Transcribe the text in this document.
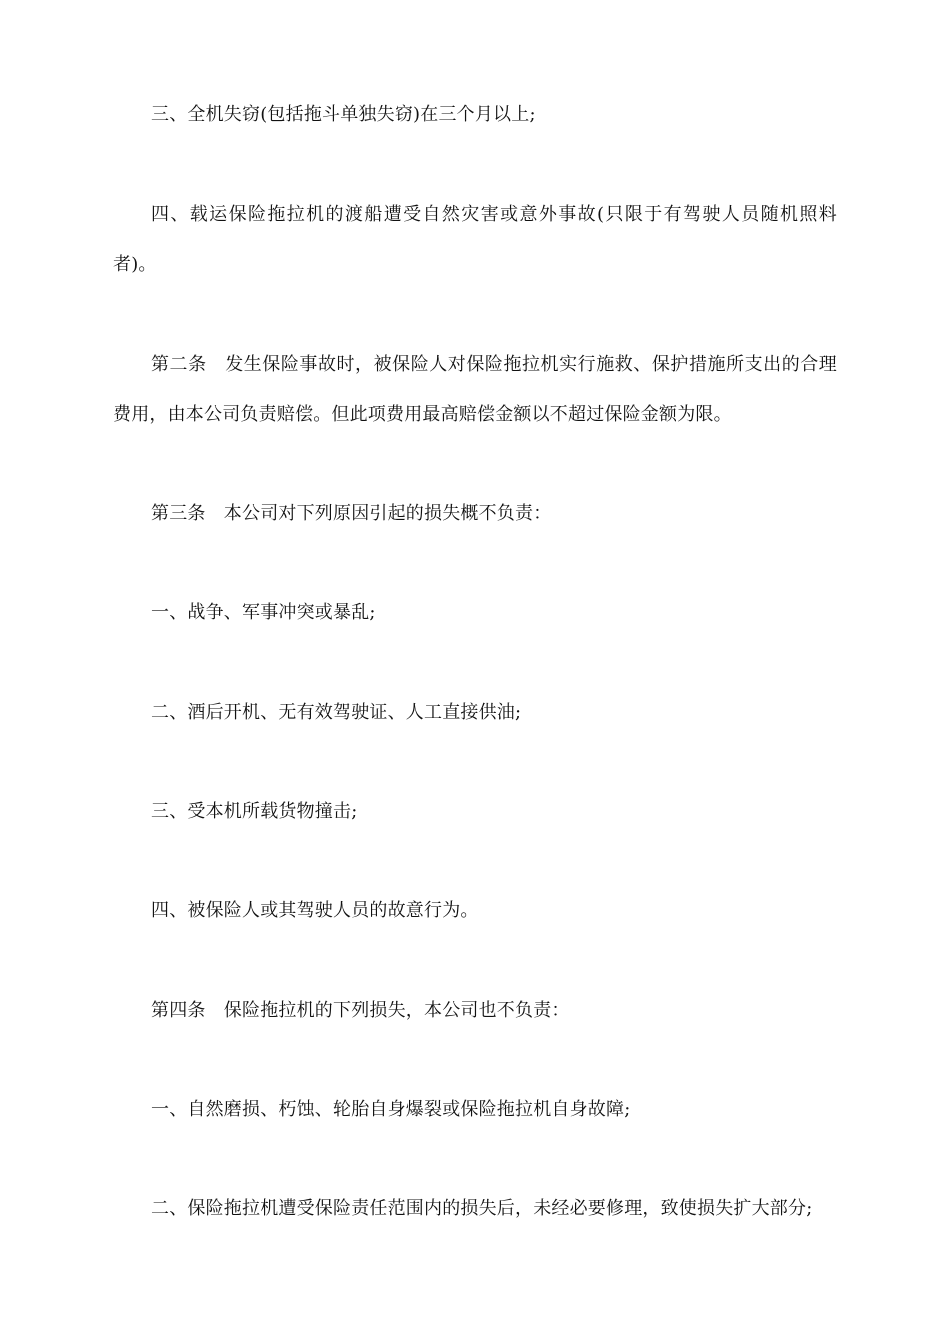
三、全机失窃(包括拖斗单独失窃)在三个月以上;

四、载运保险拖拉机的渡船遭受自然灾害或意外事故(只限于有驾驶人员随机照料者)。

第二条　发生保险事故时，被保险人对保险拖拉机实行施救、保护措施所支出的合理费用，由本公司负责赔偿。但此项费用最高赔偿金额以不超过保险金额为限。

第三条　本公司对下列原因引起的损失概不负责：

一、战争、军事冲突或暴乱;

二、酒后开机、无有效驾驶证、人工直接供油;

三、受本机所载货物撞击;

四、被保险人或其驾驶人员的故意行为。

第四条　保险拖拉机的下列损失，本公司也不负责：

一、自然磨损、朽蚀、轮胎自身爆裂或保险拖拉机自身故障;

二、保险拖拉机遭受保险责任范围内的损失后，未经必要修理，致使损失扩大部分;
